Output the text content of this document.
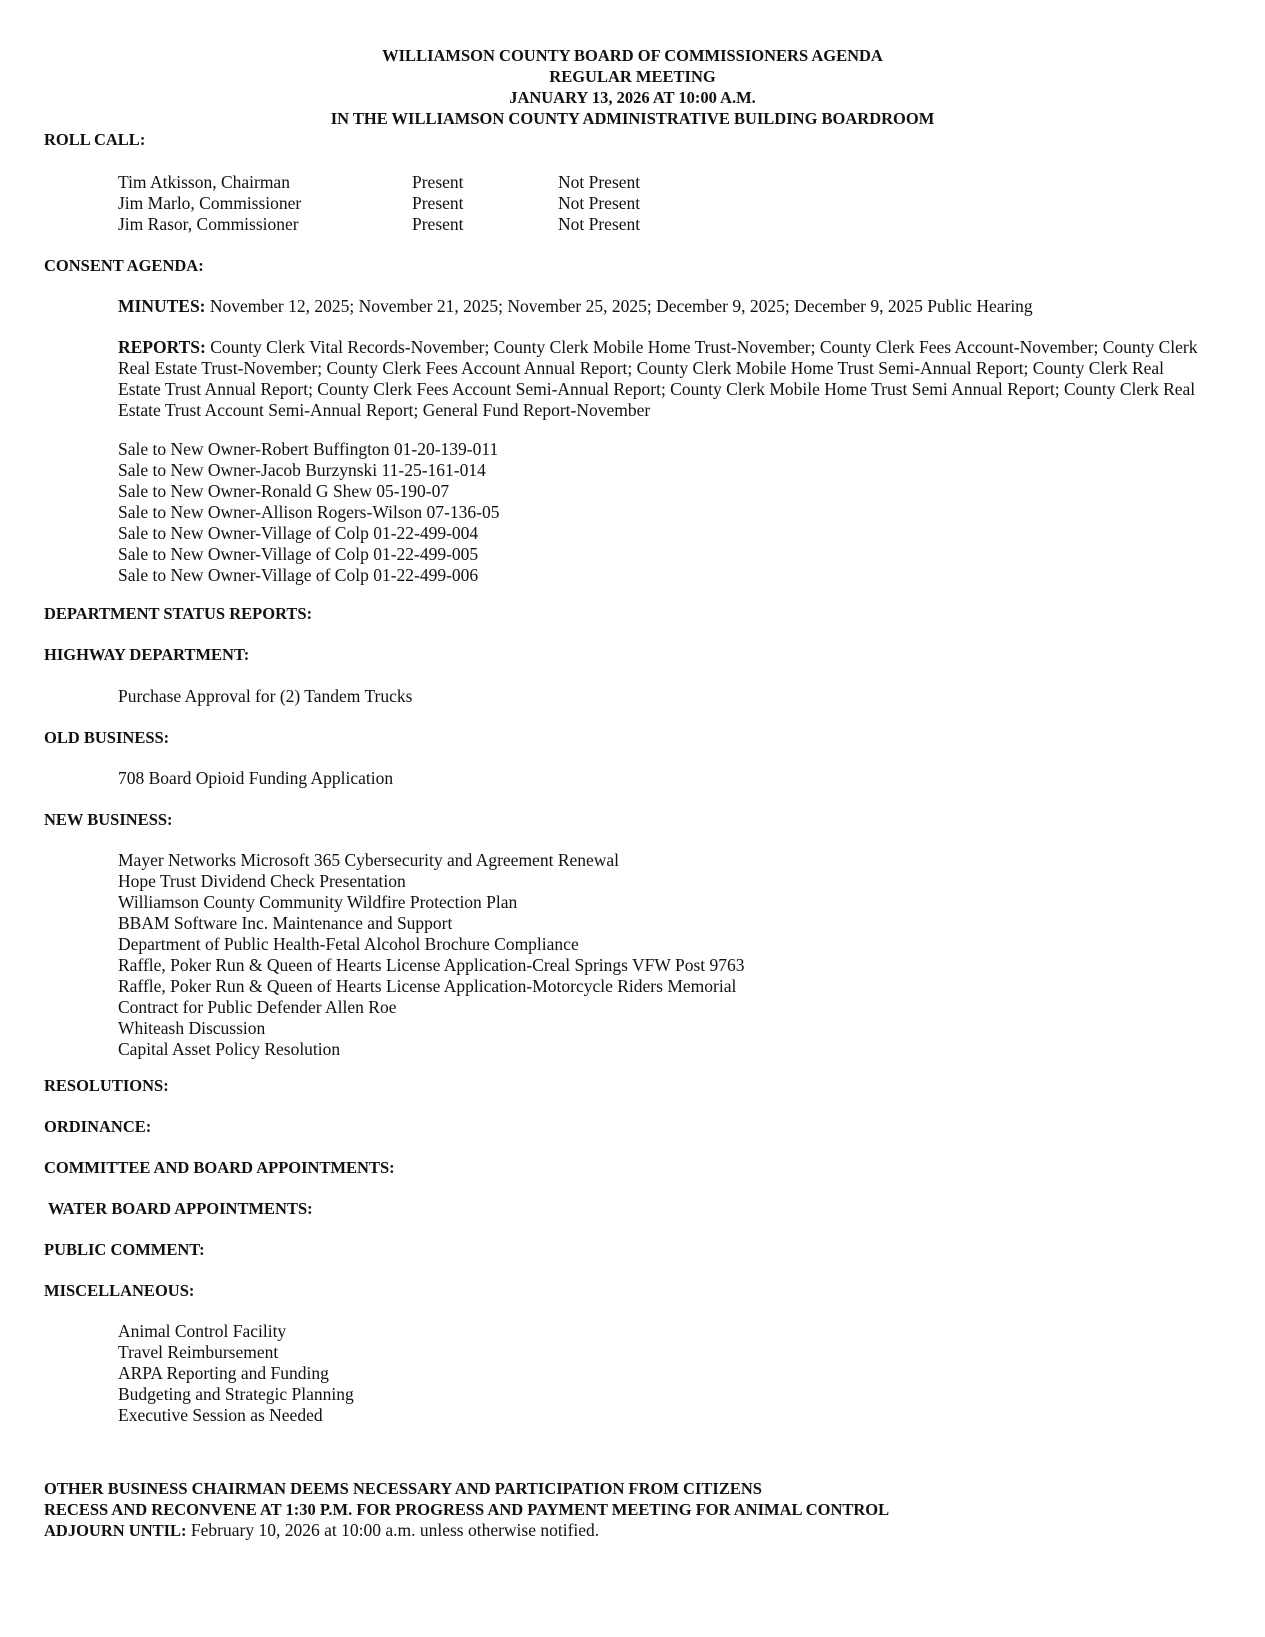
WILLIAMSON COUNTY BOARD OF COMMISSIONERS AGENDA
REGULAR MEETING
JANUARY 13, 2026 AT 10:00 A.M.
IN THE WILLIAMSON COUNTY ADMINISTRATIVE BUILDING BOARDROOM
ROLL CALL:
Tim Atkisson, Chairman	Present	Not Present
Jim Marlo, Commissioner	Present	Not Present
Jim Rasor, Commissioner	Present	Not Present
CONSENT AGENDA:
MINUTES: November 12, 2025; November 21, 2025; November 25, 2025; December 9, 2025; December 9, 2025 Public Hearing
REPORTS: County Clerk Vital Records-November; County Clerk Mobile Home Trust-November; County Clerk Fees Account-November; County Clerk Real Estate Trust-November; County Clerk Fees Account Annual Report; County Clerk Mobile Home Trust Semi-Annual Report; County Clerk Real Estate Trust Annual Report; County Clerk Fees Account Semi-Annual Report; County Clerk Mobile Home Trust Semi Annual Report; County Clerk Real Estate Trust Account Semi-Annual Report; General Fund Report-November
Sale to New Owner-Robert Buffington 01-20-139-011
Sale to New Owner-Jacob Burzynski 11-25-161-014
Sale to New Owner-Ronald G Shew 05-190-07
Sale to New Owner-Allison Rogers-Wilson 07-136-05
Sale to New Owner-Village of Colp 01-22-499-004
Sale to New Owner-Village of Colp 01-22-499-005
Sale to New Owner-Village of Colp 01-22-499-006
DEPARTMENT STATUS REPORTS:
HIGHWAY DEPARTMENT:
Purchase Approval for (2) Tandem Trucks
OLD BUSINESS:
708 Board Opioid Funding Application
NEW BUSINESS:
Mayer Networks Microsoft 365 Cybersecurity and Agreement Renewal
Hope Trust Dividend Check Presentation
Williamson County Community Wildfire Protection Plan
BBAM Software Inc. Maintenance and Support
Department of Public Health-Fetal Alcohol Brochure Compliance
Raffle, Poker Run & Queen of Hearts License Application-Creal Springs VFW Post 9763
Raffle, Poker Run & Queen of Hearts License Application-Motorcycle Riders Memorial
Contract for Public Defender Allen Roe
Whiteash Discussion
Capital Asset Policy Resolution
RESOLUTIONS:
ORDINANCE:
COMMITTEE AND BOARD APPOINTMENTS:
WATER BOARD APPOINTMENTS:
PUBLIC COMMENT:
MISCELLANEOUS:
Animal Control Facility
Travel Reimbursement
ARPA Reporting and Funding
Budgeting and Strategic Planning
Executive Session as Needed
OTHER BUSINESS CHAIRMAN DEEMS NECESSARY AND PARTICIPATION FROM CITIZENS
RECESS AND RECONVENE AT 1:30 P.M. FOR PROGRESS AND PAYMENT MEETING FOR ANIMAL CONTROL
ADJOURN UNTIL: February 10, 2026 at 10:00 a.m. unless otherwise notified.
